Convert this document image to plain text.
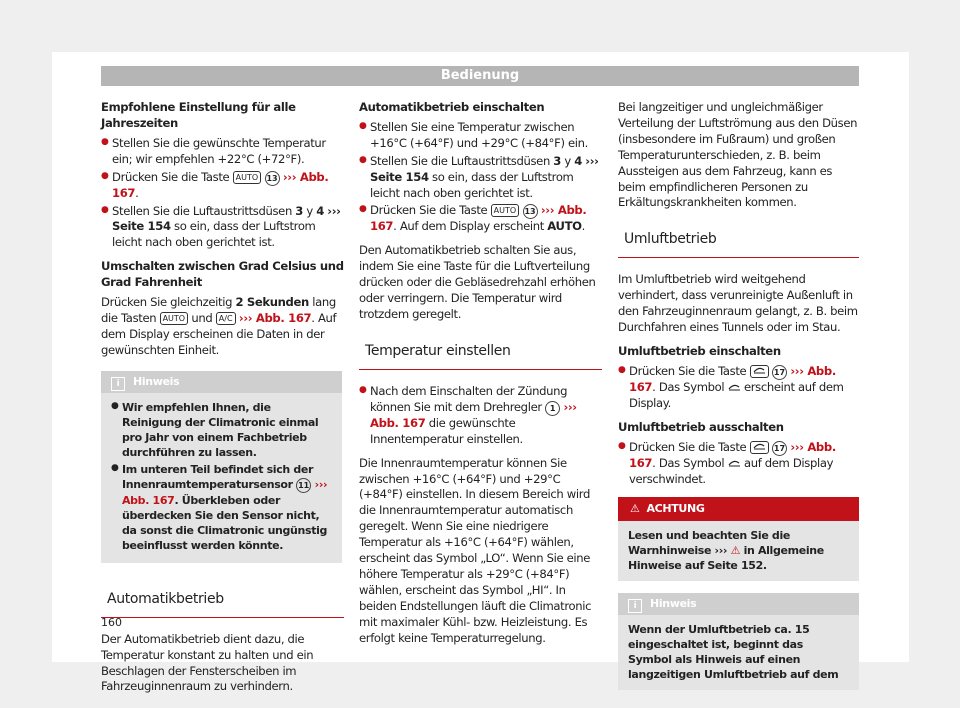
Bedienung

Empfohlene Einstellung für alle Jahreszeiten

● Stellen Sie die gewünschte Temperatur ein; wir empfehlen +22°C (+72°F).
● Drücken Sie die Taste AUTO 13 ››› Abb. 167.
● Stellen Sie die Luftaustrittsdüsen 3 y 4 ››› Seite 154 so ein, dass der Luftstrom leicht nach oben gerichtet ist.

Umschalten zwischen Grad Celsius und Grad Fahrenheit

Drücken Sie gleichzeitig 2 Sekunden lang die Tasten AUTO und A/C ››› Abb. 167. Auf dem Display erscheinen die Daten in der gewünschten Einheit.

i Hinweis
● Wir empfehlen Ihnen, die Reinigung der Climatronic einmal pro Jahr von einem Fachbetrieb durchführen zu lassen.
● Im unteren Teil befindet sich der Innenraumtemperatursensor 11 ››› Abb. 167. Überkleben oder überdecken Sie den Sensor nicht, da sonst die Climatronic ungünstig beeinflusst werden könnte.
Automatikbetrieb

Der Automatikbetrieb dient dazu, die Temperatur konstant zu halten und ein Beschlagen der Fensterscheiben im Fahrzeuginnenraum zu verhindern.

Automatikbetrieb einschalten

● Stellen Sie eine Temperatur zwischen +16°C (+64°F) und +29°C (+84°F) ein.
● Stellen Sie die Luftaustrittsdüsen 3 y 4 ››› Seite 154 so ein, dass der Luftstrom leicht nach oben gerichtet ist.
● Drücken Sie die Taste AUTO 13 ››› Abb. 167. Auf dem Display erscheint AUTO.

Den Automatikbetrieb schalten Sie aus, indem Sie eine Taste für die Luftverteilung drücken oder die Gebläsedrehzahl erhöhen oder verringern. Die Temperatur wird trotzdem geregelt.

Temperatur einstellen
● Nach dem Einschalten der Zündung können Sie mit dem Drehregler 1 ››› Abb. 167 die gewünschte Innentemperatur einstellen.

Die Innenraumtemperatur können Sie zwischen +16°C (+64°F) und +29°C (+84°F) einstellen. In diesem Bereich wird die Innenraumtemperatur automatisch geregelt. Wenn Sie eine niedrigere Temperatur als +16°C (+64°F) wählen, erscheint das Symbol „LO“. Wenn Sie eine höhere Temperatur als +29°C (+84°F) wählen, erscheint das Symbol „HI“. In beiden Endstellungen läuft die Climatronic mit maximaler Kühl- bzw. Heizleistung. Es erfolgt keine Temperaturregelung.

Bei langzeitiger und ungleichmäßiger Verteilung der Luftströmung aus den Düsen (insbesondere im Fußraum) und großen Temperaturunterschieden, z. B. beim Aussteigen aus dem Fahrzeug, kann es beim empfindlicheren Personen zu Erkältungskrankheiten kommen.

Umluftbetrieb

Im Umluftbetrieb wird weitgehend verhindert, dass verunreinigte Außenluft in den Fahrzeuginnenraum gelangt, z. B. beim Durchfahren eines Tunnels oder im Stau.

Umluftbetrieb einschalten

● Drücken Sie die Taste	17 ››› Abb. 167. Das Symbol  erscheint auf dem Display.

Umluftbetrieb ausschalten

● Drücken Sie die Taste	17 ››› Abb. 167. Das Symbol  auf dem Display verschwindet.
⚠ ACHTUNG
Lesen und beachten Sie die Warnhinweise ››› ⚠ in Allgemeine Hinweise auf Seite 152.
i Hinweis
Wenn der Umluftbetrieb ca. 15 eingeschaltet ist, beginnt das Symbol als Hinweis auf einen langzeitigen Umluftbetrieb auf dem
160
